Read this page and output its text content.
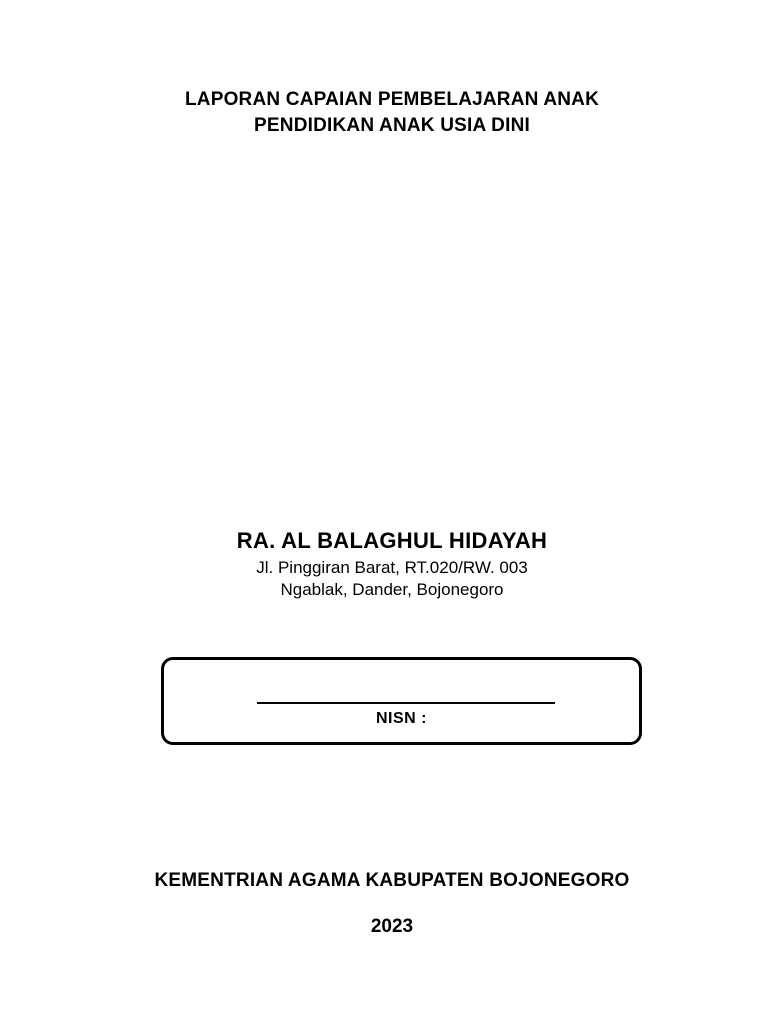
LAPORAN CAPAIAN PEMBELAJARAN ANAK
PENDIDIKAN ANAK USIA DINI
RA. AL BALAGHUL HIDAYAH
Jl. Pinggiran Barat, RT.020/RW. 003
Ngablak, Dander, Bojonegoro
NISN :
KEMENTRIAN AGAMA KABUPATEN BOJONEGORO
2023
